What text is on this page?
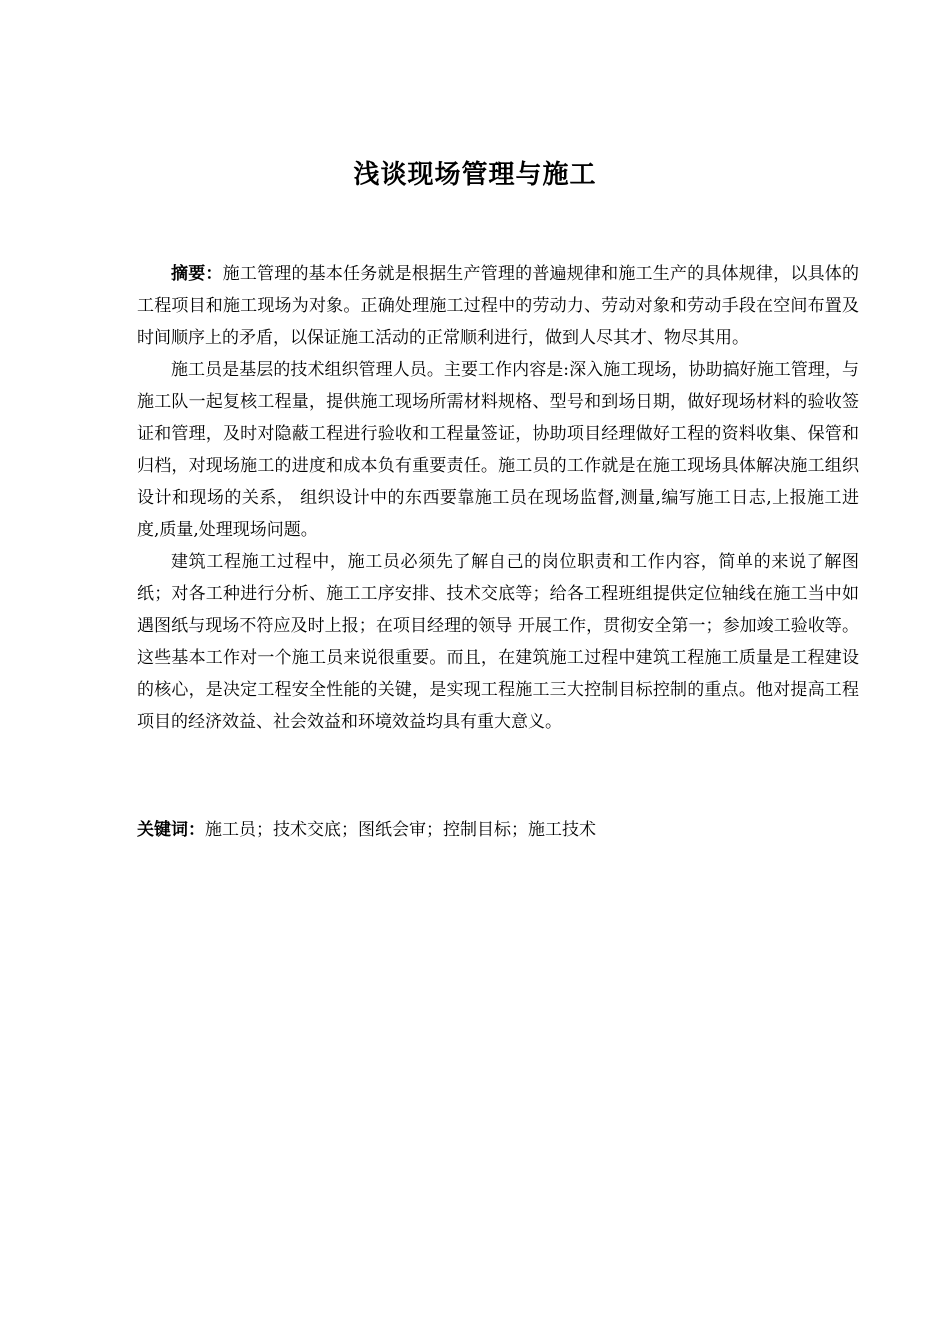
浅谈现场管理与施工

摘要：施工管理的基本任务就是根据生产管理的普遍规律和施工生产的具体规律，以具体的工程项目和施工现场为对象。正确处理施工过程中的劳动力、劳动对象和劳动手段在空间布置及时间顺序上的矛盾，以保证施工活动的正常顺利进行，做到人尽其才、物尽其用。

施工员是基层的技术组织管理人员。主要工作内容是:深入施工现场，协助搞好施工管理，与施工队一起复核工程量，提供施工现场所需材料规格、型号和到场日期，做好现场材料的验收签证和管理，及时对隐蔽工程进行验收和工程量签证，协助项目经理做好工程的资料收集、保管和归档，对现场施工的进度和成本负有重要责任。施工员的工作就是在施工现场具体解决施工组织设计和现场的关系， 组织设计中的东西要靠施工员在现场监督,测量,编写施工日志,上报施工进度,质量,处理现场问题。

建筑工程施工过程中，施工员必须先了解自己的岗位职责和工作内容，简单的来说了解图纸；对各工种进行分析、施工工序安排、技术交底等；给各工程班组提供定位轴线在施工当中如遇图纸与现场不符应及时上报；在项目经理的领导 开展工作，贯彻安全第一；参加竣工验收等。这些基本工作对一个施工员来说很重要。而且，在建筑施工过程中建筑工程施工质量是工程建设的核心，是决定工程安全性能的关键，是实现工程施工三大控制目标控制的重点。他对提高工程项目的经济效益、社会效益和环境效益均具有重大意义。

关键词：施工员；技术交底；图纸会审；控制目标；施工技术
